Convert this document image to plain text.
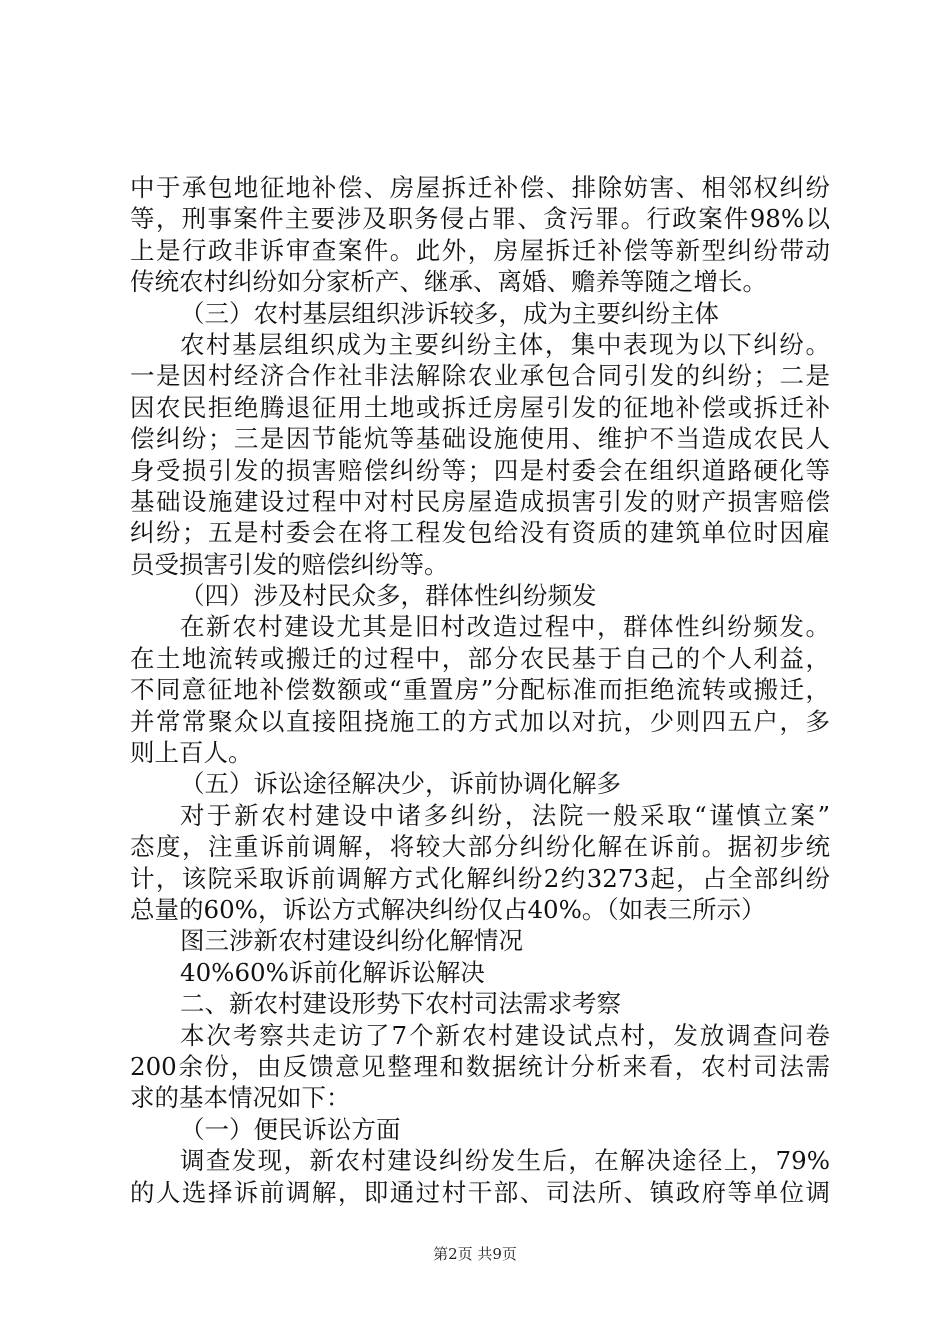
中于承包地征地补偿、房屋拆迁补偿、排除妨害、相邻权纠纷
等，刑事案件主要涉及职务侵占罪、贪污罪。行政案件98%以
上是行政非诉审查案件。此外，房屋拆迁补偿等新型纠纷带动
传统农村纠纷如分家析产、继承、离婚、赡养等随之增长。
（三）农村基层组织涉诉较多，成为主要纠纷主体
农村基层组织成为主要纠纷主体，集中表现为以下纠纷。
一是因村经济合作社非法解除农业承包合同引发的纠纷；二是
因农民拒绝腾退征用土地或拆迁房屋引发的征地补偿或拆迁补
偿纠纷；三是因节能炕等基础设施使用、维护不当造成农民人
身受损引发的损害赔偿纠纷等；四是村委会在组织道路硬化等
基础设施建设过程中对村民房屋造成损害引发的财产损害赔偿
纠纷；五是村委会在将工程发包给没有资质的建筑单位时因雇
员受损害引发的赔偿纠纷等。
（四）涉及村民众多，群体性纠纷频发
在新农村建设尤其是旧村改造过程中，群体性纠纷频发。
在土地流转或搬迁的过程中，部分农民基于自己的个人利益，
不同意征地补偿数额或“重置房”分配标准而拒绝流转或搬迁，
并常常聚众以直接阻挠施工的方式加以对抗，少则四五户，多
则上百人。
（五）诉讼途径解决少，诉前协调化解多
对于新农村建设中诸多纠纷，法院一般采取“谨慎立案”
态度，注重诉前调解，将较大部分纠纷化解在诉前。据初步统
计，该院采取诉前调解方式化解纠纷2约3273起，占全部纠纷
总量的60%，诉讼方式解决纠纷仅占40%。（如表三所示）
图三涉新农村建设纠纷化解情况
40%60%诉前化解诉讼解决
二、新农村建设形势下农村司法需求考察
本次考察共走访了7个新农村建设试点村，发放调查问卷
200余份，由反馈意见整理和数据统计分析来看，农村司法需
求的基本情况如下：
（一）便民诉讼方面
调查发现，新农村建设纠纷发生后，在解决途径上，79%
的人选择诉前调解，即通过村干部、司法所、镇政府等单位调
第2页 共9页
